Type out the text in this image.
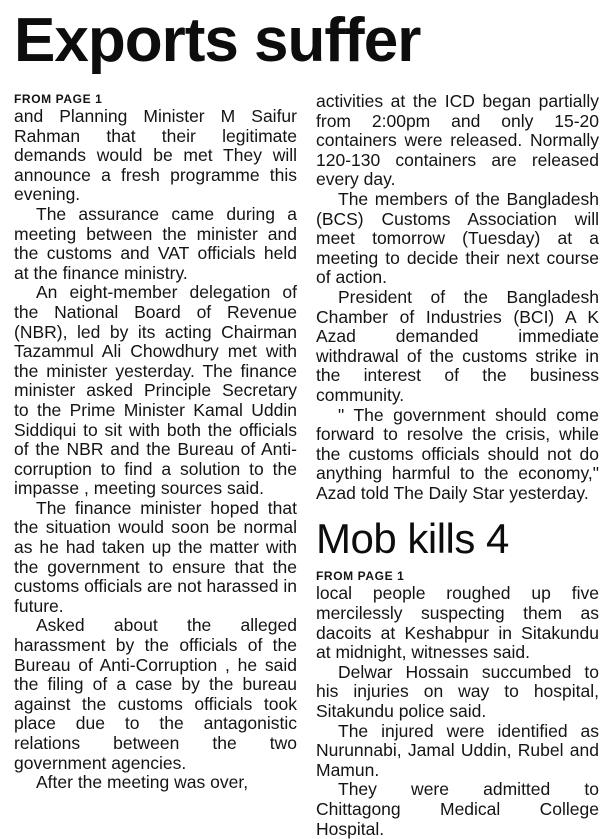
Exports suffer
FROM PAGE 1

and Planning Minister M Saifur Rahman that their legitimate demands would be met They will announce a fresh programme this evening.

The assurance came during a meeting between the minister and the customs and VAT officials held at the finance ministry.

An eight-member delegation of the National Board of Revenue (NBR), led by its acting Chairman Tazammul Ali Chowdhury met with the minister yesterday. The finance minister asked Principle Secretary to the Prime Minister Kamal Uddin Siddiqui to sit with both the officials of the NBR and the Bureau of Anti-corruption to find a solution to the impasse , meeting sources said.

The finance minister hoped that the situation would soon be normal as he had taken up the matter with the government to ensure that the customs officials are not harassed in future.

Asked about the alleged harassment by the officials of the Bureau of Anti-Corruption , he said the filing of a case by the bureau against the customs officials took place due to the antagonistic relations between the two government agencies.

After the meeting was over,

activities at the ICD began partially from 2:00pm and only 15-20 containers were released. Normally 120-130 containers are released every day.

The members of the Bangladesh (BCS) Customs Association will meet tomorrow (Tuesday) at a meeting to decide their next course of action.

President of the Bangladesh Chamber of Industries (BCI) A K Azad demanded immediate withdrawal of the customs strike in the interest of the business community.

" The government should come forward to resolve the crisis, while the customs officials should not do anything harmful to the economy," Azad told The Daily Star yesterday.

Mob kills 4
FROM PAGE 1

local people roughed up five mercilessly suspecting them as dacoits at Keshabpur in Sitakundu at midnight, witnesses said.

Delwar Hossain succumbed to his injuries on way to hospital, Sitakundu police said.

The injured were identified as Nurunnabi, Jamal Uddin, Rubel and Mamun.

They were admitted to Chittagong Medical College Hospital.
